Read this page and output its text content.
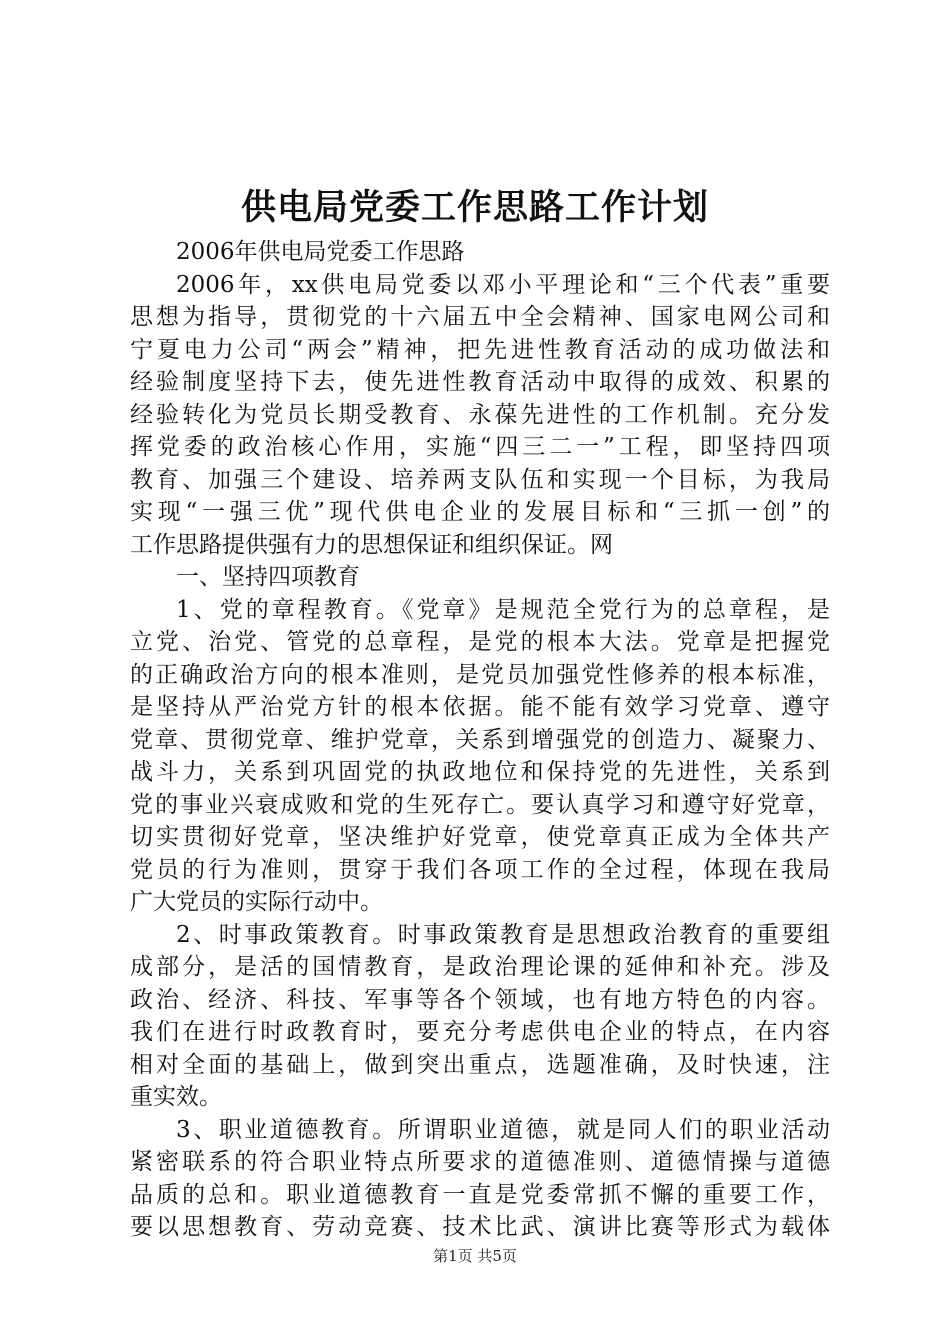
供电局党委工作思路工作计划
2006年供电局党委工作思路
2006年，xx供电局党委以邓小平理论和“三个代表”重要
思想为指导，贯彻党的十六届五中全会精神、国家电网公司和
宁夏电力公司“两会”精神，把先进性教育活动的成功做法和
经验制度坚持下去，使先进性教育活动中取得的成效、积累的
经验转化为党员长期受教育、永葆先进性的工作机制。充分发
挥党委的政治核心作用，实施“四三二一”工程，即坚持四项
教育、加强三个建设、培养两支队伍和实现一个目标，为我局
实现“一强三优”现代供电企业的发展目标和“三抓一创”的
工作思路提供强有力的思想保证和组织保证。网
一、坚持四项教育
1、党的章程教育。《党章》是规范全党行为的总章程，是
立党、治党、管党的总章程，是党的根本大法。党章是把握党
的正确政治方向的根本准则，是党员加强党性修养的根本标准，
是坚持从严治党方针的根本依据。能不能有效学习党章、遵守
党章、贯彻党章、维护党章，关系到增强党的创造力、凝聚力、
战斗力，关系到巩固党的执政地位和保持党的先进性，关系到
党的事业兴衰成败和党的生死存亡。要认真学习和遵守好党章，
切实贯彻好党章，坚决维护好党章，使党章真正成为全体共产
党员的行为准则，贯穿于我们各项工作的全过程，体现在我局
广大党员的实际行动中。
2、时事政策教育。时事政策教育是思想政治教育的重要组
成部分，是活的国情教育，是政治理论课的延伸和补充。涉及
政治、经济、科技、军事等各个领域，也有地方特色的内容。
我们在进行时政教育时，要充分考虑供电企业的特点，在内容
相对全面的基础上，做到突出重点，选题准确，及时快速，注
重实效。
3、职业道德教育。所谓职业道德，就是同人们的职业活动
紧密联系的符合职业特点所要求的道德准则、道德情操与道德
品质的总和。职业道德教育一直是党委常抓不懈的重要工作，
要以思想教育、劳动竞赛、技术比武、演讲比赛等形式为载体
第1页 共5页
